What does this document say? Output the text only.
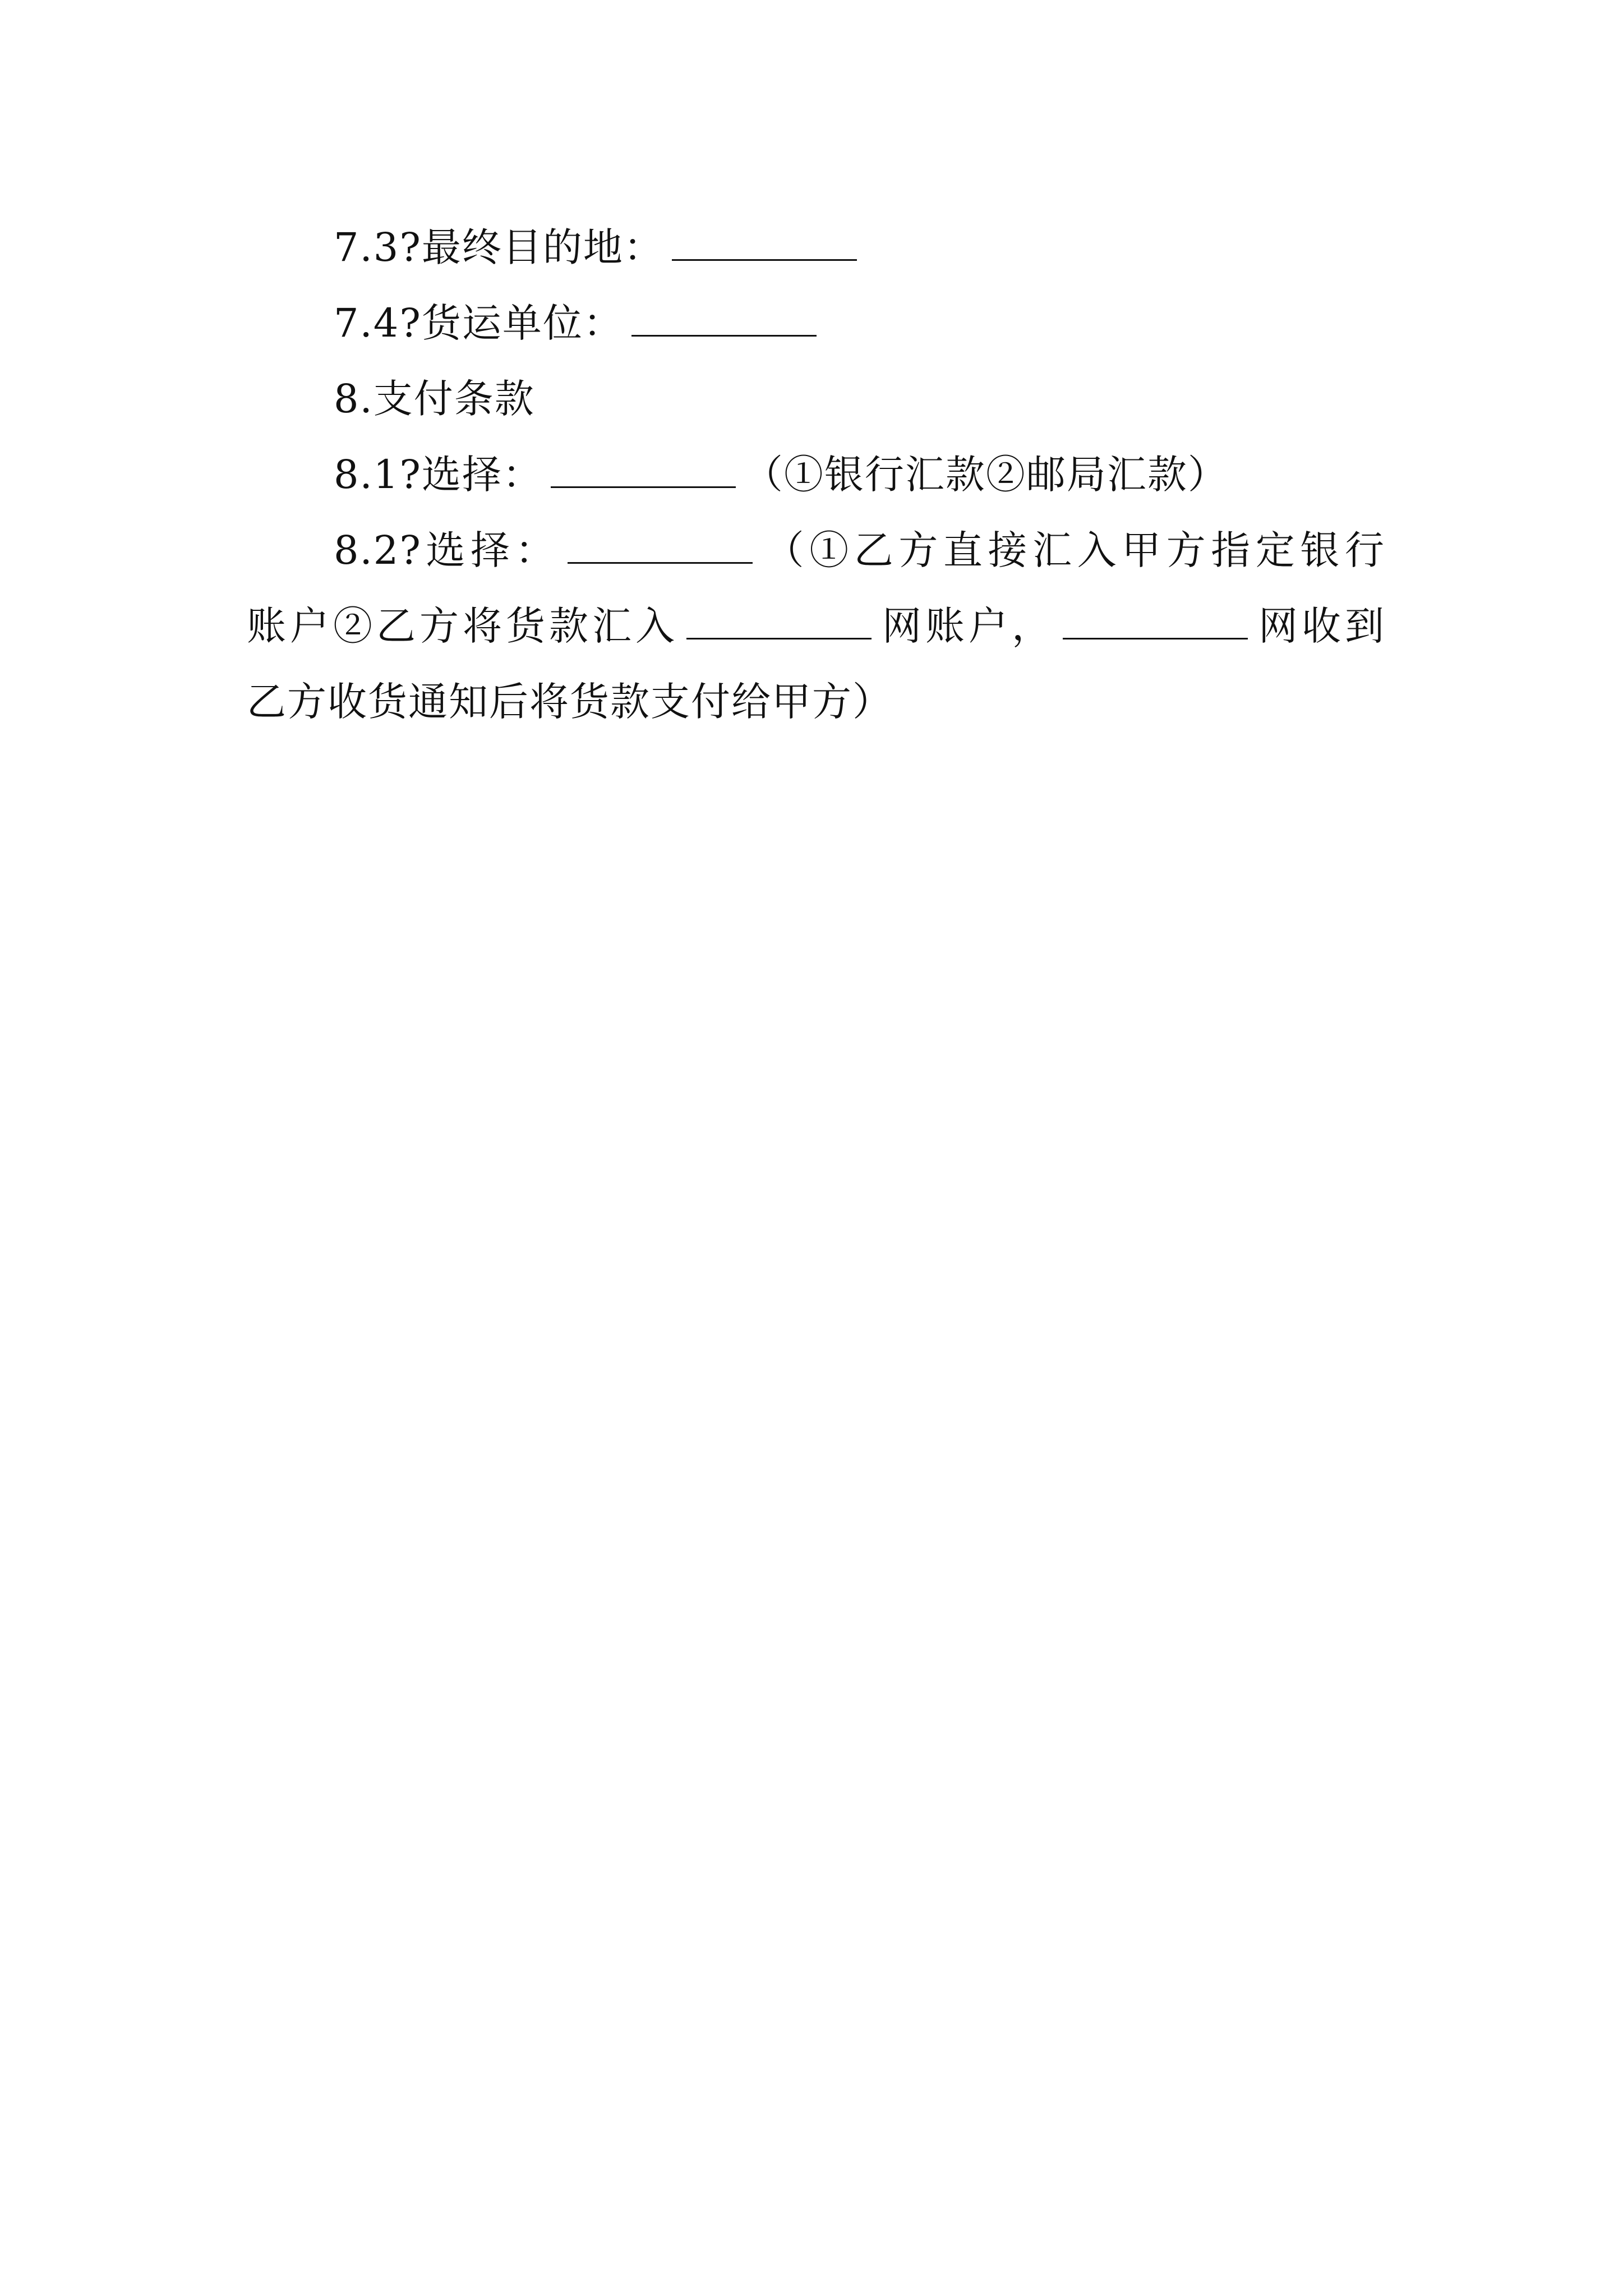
7.3?最终目的地：
7.4?货运单位：
8.支付条款
8.1?选择：	（①银行汇款②邮局汇款）
8.2?选择：	（①乙方直接汇入甲方指定银行
账户②乙方将货款汇入	网账户，	网收到
乙方收货通知后将货款支付给甲方）
